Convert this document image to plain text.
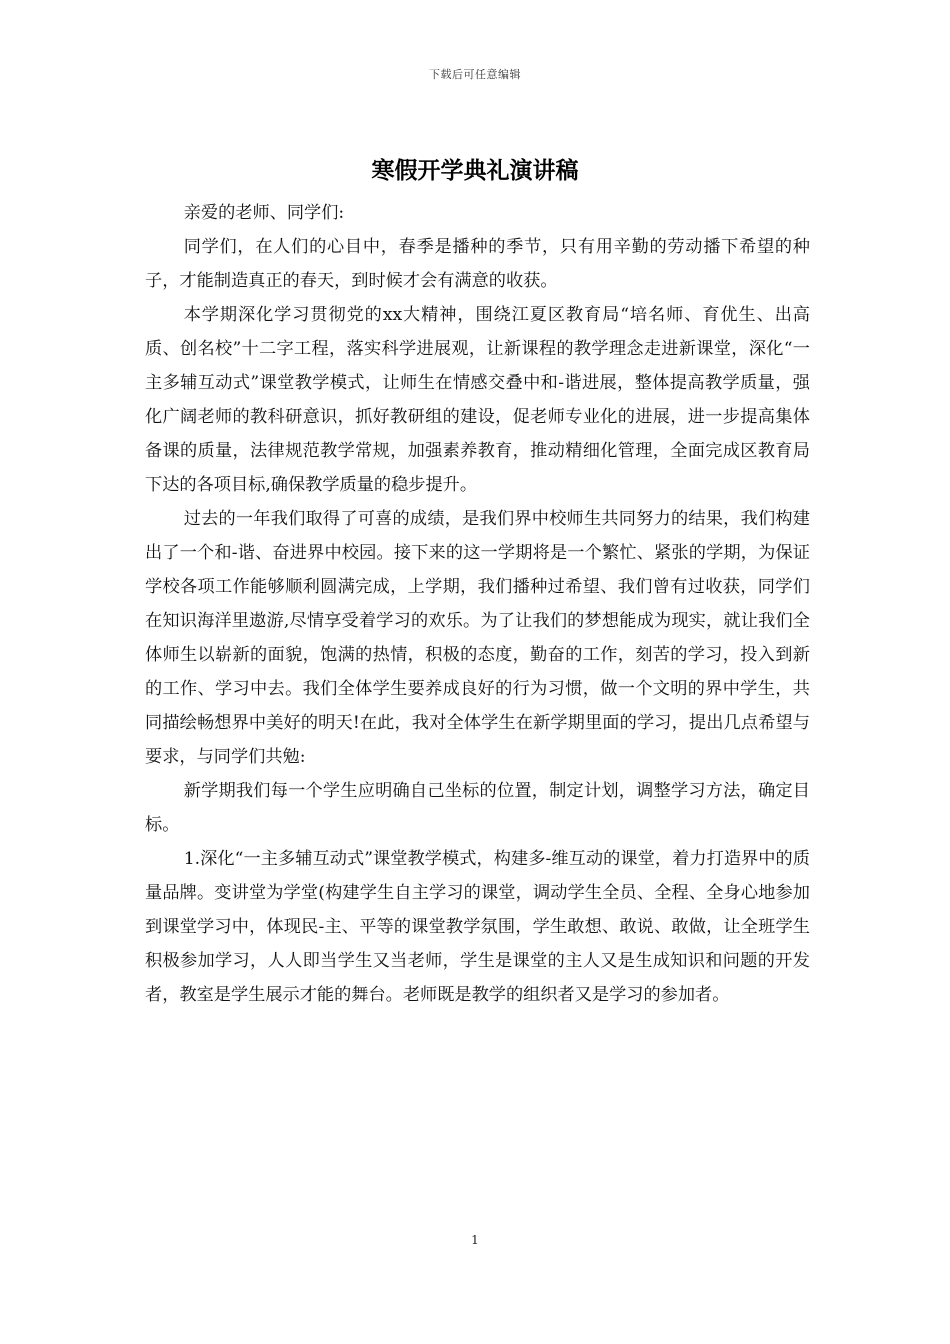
下载后可任意编辑
寒假开学典礼演讲稿

亲爱的老师、同学们:

同学们，在人们的心目中，春季是播种的季节，只有用辛勤的劳动播下希望的种子，才能制造真正的春天，到时候才会有满意的收获。

本学期深化学习贯彻党的xx大精神，围绕江夏区教育局“培名师、育优生、出高质、创名校”十二字工程，落实科学进展观，让新课程的教学理念走进新课堂，深化“一主多辅互动式”课堂教学模式，让师生在情感交叠中和-谐进展，整体提高教学质量，强化广阔老师的教科研意识，抓好教研组的建设，促老师专业化的进展，进一步提高集体备课的质量，法律规范教学常规，加强素养教育，推动精细化管理，全面完成区教育局下达的各项目标,确保教学质量的稳步提升。

过去的一年我们取得了可喜的成绩，是我们界中校师生共同努力的结果，我们构建出了一个和-谐、奋进界中校园。接下来的这一学期将是一个繁忙、紧张的学期，为保证学校各项工作能够顺利圆满完成，上学期，我们播种过希望、我们曾有过收获，同学们在知识海洋里遨游,尽情享受着学习的欢乐。为了让我们的梦想能成为现实，就让我们全体师生以崭新的面貌，饱满的热情，积极的态度，勤奋的工作，刻苦的学习，投入到新的工作、学习中去。我们全体学生要养成良好的行为习惯，做一个文明的界中学生，共同描绘畅想界中美好的明天!在此，我对全体学生在新学期里面的学习，提出几点希望与要求，与同学们共勉:

新学期我们每一个学生应明确自己坐标的位置，制定计划，调整学习方法，确定目标。

1.深化“一主多辅互动式”课堂教学模式，构建多-维互动的课堂，着力打造界中的质量品牌。变讲堂为学堂(构建学生自主学习的课堂，调动学生全员、全程、全身心地参加到课堂学习中，体现民-主、平等的课堂教学氛围，学生敢想、敢说、敢做，让全班学生积极参加学习，人人即当学生又当老师，学生是课堂的主人又是生成知识和问题的开发者，教室是学生展示才能的舞台。老师既是教学的组织者又是学习的参加者。

1
